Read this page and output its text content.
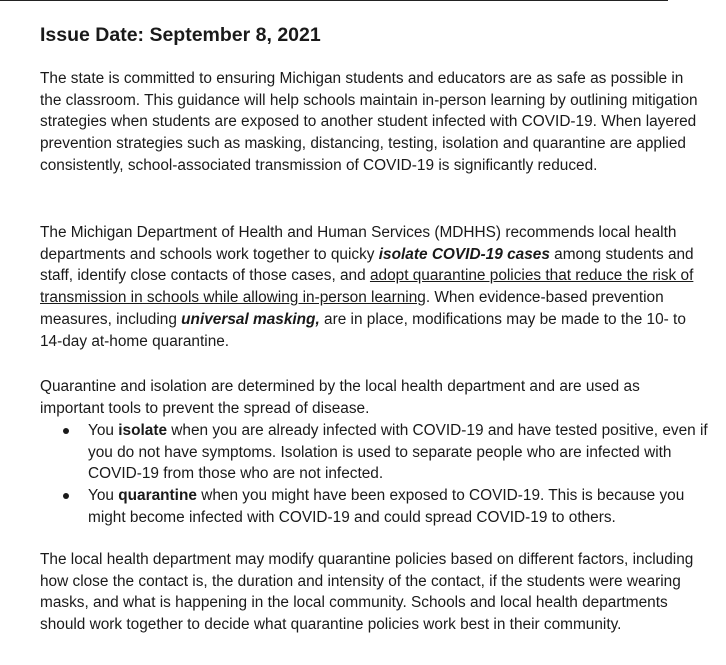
Issue Date: September 8, 2021

The state is committed to ensuring Michigan students and educators are as safe as possible in the classroom. This guidance will help schools maintain in-person learning by outlining mitigation strategies when students are exposed to another student infected with COVID-19. When layered prevention strategies such as masking, distancing, testing, isolation and quarantine are applied consistently, school-associated transmission of COVID-19 is significantly reduced.

The Michigan Department of Health and Human Services (MDHHS) recommends local health departments and schools work together to quicky isolate COVID-19 cases among students and staff, identify close contacts of those cases, and adopt quarantine policies that reduce the risk of transmission in schools while allowing in-person learning. When evidence-based prevention measures, including universal masking, are in place, modifications may be made to the 10- to 14-day at-home quarantine.

Quarantine and isolation are determined by the local health department and are used as important tools to prevent the spread of disease.

You isolate when you are already infected with COVID-19 and have tested positive, even if you do not have symptoms. Isolation is used to separate people who are infected with COVID-19 from those who are not infected.
You quarantine when you might have been exposed to COVID-19. This is because you might become infected with COVID-19 and could spread COVID-19 to others.

The local health department may modify quarantine policies based on different factors, including how close the contact is, the duration and intensity of the contact, if the students were wearing masks, and what is happening in the local community. Schools and local health departments should work together to decide what quarantine policies work best in their community.
